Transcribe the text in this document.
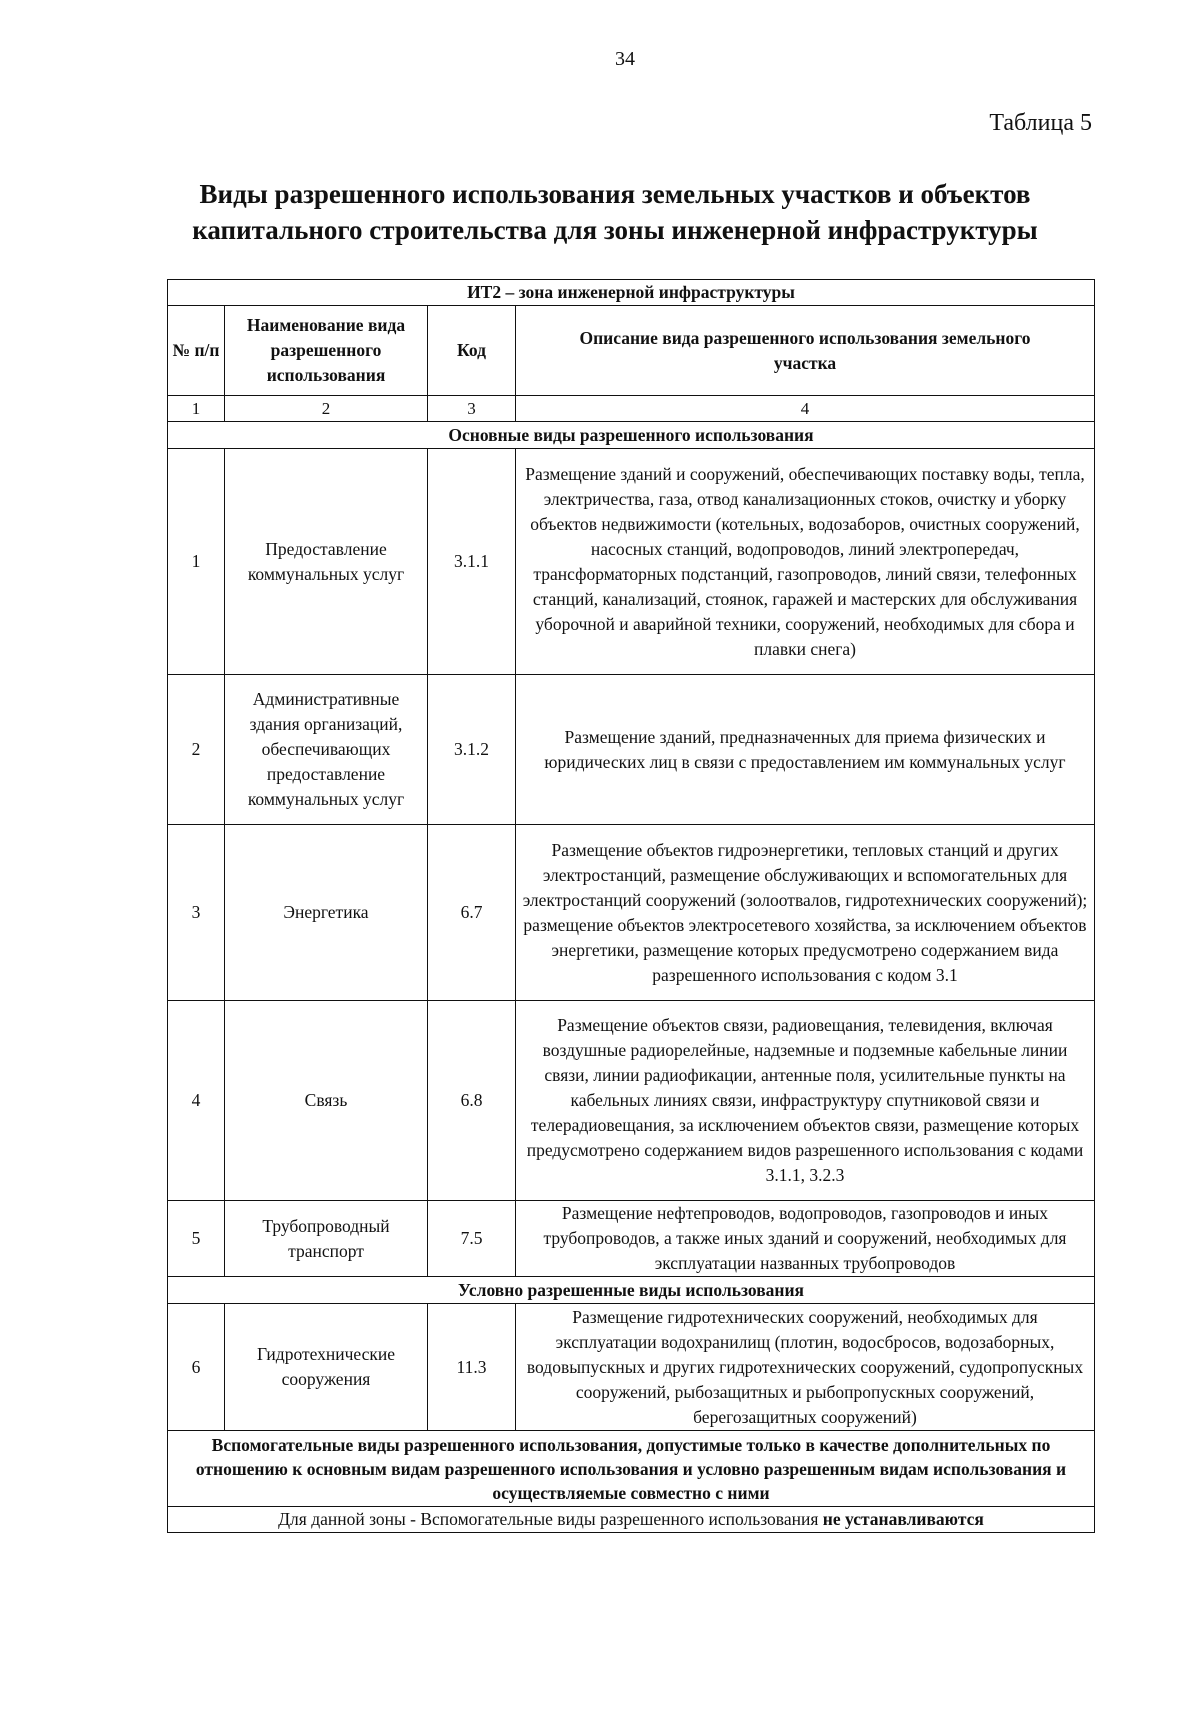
34
Таблица 5
Виды разрешенного использования земельных участков и объектов
капитального строительства для зоны инженерной инфраструктуры
ИТ2 – зона инженерной инфраструктуры			
№ п/п	Наименование вида разрешенного использования	Код	Описание вида разрешенного использования земельного участка
1	2	3	4
Основные виды разрешенного использования			
1	Предоставление коммунальных услуг	3.1.1	Размещение зданий и сооружений, обеспечивающих поставку воды, тепла, электричества, газа, отвод канализационных стоков, очистку и уборку объектов недвижимости (котельных, водозаборов, очистных сооружений, насосных станций, водопроводов, линий электропередач, трансформаторных подстанций, газопроводов, линий связи, телефонных станций, канализаций, стоянок, гаражей и мастерских для обслуживания уборочной и аварийной техники, сооружений, необходимых для сбора и плавки снега)
2	Административные здания организаций, обеспечивающих предоставление коммунальных услуг	3.1.2	Размещение зданий, предназначенных для приема физических и юридических лиц в связи с предоставлением им коммунальных услуг
3	Энергетика	6.7	Размещение объектов гидроэнергетики, тепловых станций и других электростанций, размещение обслуживающих и вспомогательных для электростанций сооружений (золоотвалов, гидротехнических сооружений); размещение объектов электросетевого хозяйства, за исключением объектов энергетики, размещение которых предусмотрено содержанием вида разрешенного использования с кодом 3.1
4	Связь	6.8	Размещение объектов связи, радиовещания, телевидения, включая воздушные радиорелейные, надземные и подземные кабельные линии связи, линии радиофикации, антенные поля, усилительные пункты на кабельных линиях связи, инфраструктуру спутниковой связи и телерадиовещания, за исключением объектов связи, размещение которых предусмотрено содержанием видов разрешенного использования с кодами 3.1.1, 3.2.3
5	Трубопроводный транспорт	7.5	Размещение нефтепроводов, водопроводов, газопроводов и иных трубопроводов, а также иных зданий и сооружений, необходимых для эксплуатации названных трубопроводов
Условно разрешенные виды использования			
6	Гидротехнические сооружения	11.3	Размещение гидротехнических сооружений, необходимых для эксплуатации водохранилищ (плотин, водосбросов, водозаборных, водовыпускных и других гидротехнических сооружений, судопропускных сооружений, рыбозащитных и рыбопропускных сооружений, берегозащитных сооружений)
Вспомогательные виды разрешенного использования, допустимые только в качестве дополнительных по отношению к основным видам разрешенного использования и условно разрешенным видам использования и осуществляемые совместно с ними			
Для данной зоны - Вспомогательные виды разрешенного использования не устанавливаются			
